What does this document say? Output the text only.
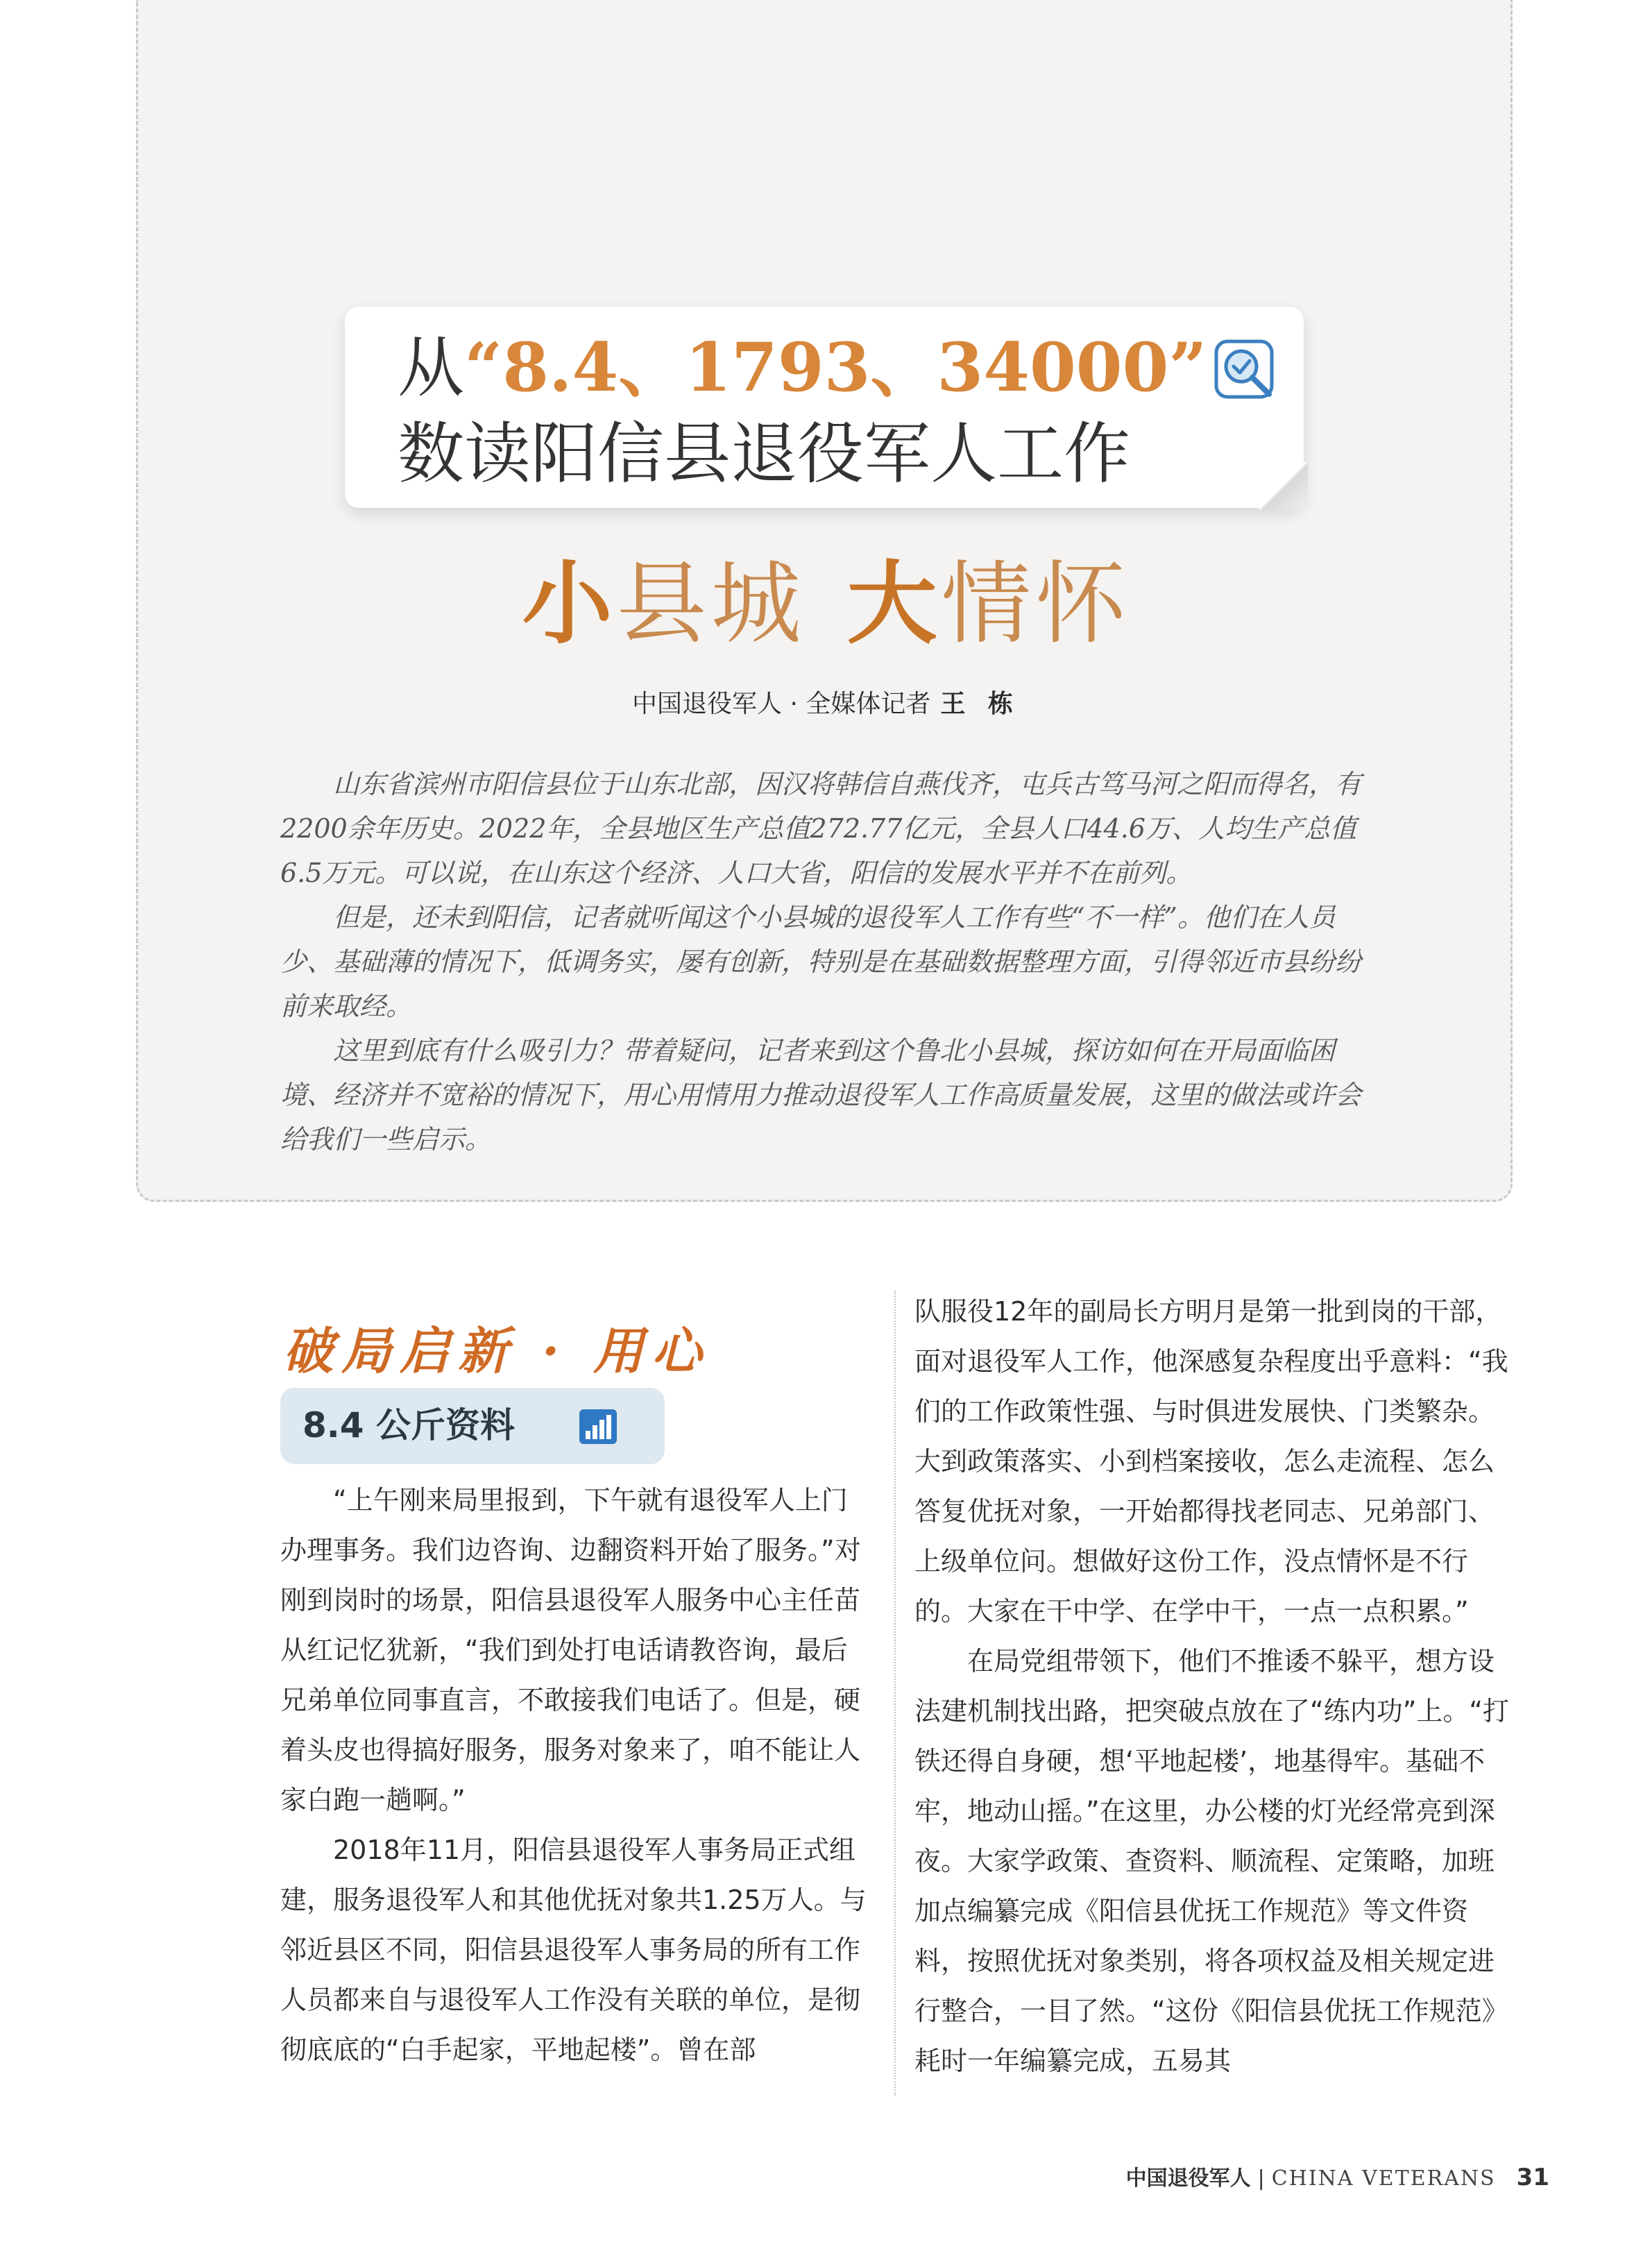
从“8.4、1793、34000”
数读阳信县退役军人工作
小县城 大情怀
中国退役军人 · 全媒体记者 王 栋

山东省滨州市阳信县位于山东北部，因汉将韩信自燕伐齐，屯兵古笃马河之阳而得名，有2200余年历史。2022年，全县地区生产总值272.77亿元，全县人口44.6万、人均生产总值6.5万元。可以说，在山东这个经济、人口大省，阳信的发展水平并不在前列。

但是，还未到阳信，记者就听闻这个小县城的退役军人工作有些“不一样”。他们在人员少、基础薄的情况下，低调务实，屡有创新，特别是在基础数据整理方面，引得邻近市县纷纷前来取经。

这里到底有什么吸引力？带着疑问，记者来到这个鲁北小县城，探访如何在开局面临困境、经济并不宽裕的情况下，用心用情用力推动退役军人工作高质量发展，这里的做法或许会给我们一些启示。

破局启新 · 用心
8.4 公斤资料

“上午刚来局里报到，下午就有退役军人上门办理事务。我们边咨询、边翻资料开始了服务。”对刚到岗时的场景，阳信县退役军人服务中心主任苗从红记忆犹新，“我们到处打电话请教咨询，最后兄弟单位同事直言，不敢接我们电话了。但是，硬着头皮也得搞好服务，服务对象来了，咱不能让人家白跑一趟啊。”

2018年11月，阳信县退役军人事务局正式组建，服务退役军人和其他优抚对象共1.25万人。与邻近县区不同，阳信县退役军人事务局的所有工作人员都来自与退役军人工作没有关联的单位，是彻彻底底的“白手起家，平地起楼”。曾在部

队服役12年的副局长方明月是第一批到岗的干部，面对退役军人工作，他深感复杂程度出乎意料：“我们的工作政策性强、与时俱进发展快、门类繁杂。大到政策落实、小到档案接收，怎么走流程、怎么答复优抚对象，一开始都得找老同志、兄弟部门、上级单位问。想做好这份工作，没点情怀是不行的。大家在干中学、在学中干，一点一点积累。”

在局党组带领下，他们不推诿不躲平，想方设法建机制找出路，把突破点放在了“练内功”上。“打铁还得自身硬，想‘平地起楼’，地基得牢。基础不牢，地动山摇。”在这里，办公楼的灯光经常亮到深夜。大家学政策、查资料、顺流程、定策略，加班加点编纂完成《阳信县优抚工作规范》等文件资料，按照优抚对象类别，将各项权益及相关规定进行整合，一目了然。“这份《阳信县优抚工作规范》耗时一年编纂完成，五易其

中国退役军人 | CHINA VETERANS 31
